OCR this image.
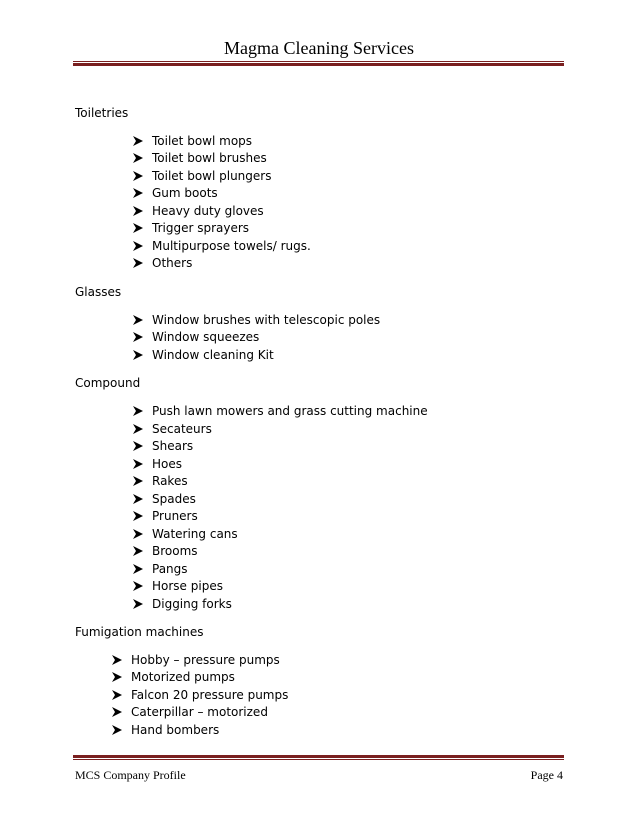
Magma Cleaning Services
Toiletries
Toilet bowl mops
Toilet bowl brushes
Toilet bowl plungers
Gum boots
Heavy duty gloves
Trigger sprayers
Multipurpose towels/ rugs.
Others
Glasses
Window brushes with telescopic poles
Window squeezes
Window cleaning Kit
Compound
Push lawn mowers and grass cutting machine
Secateurs
Shears
Hoes
Rakes
Spades
Pruners
Watering cans
Brooms
Pangs
Horse pipes
Digging forks
Fumigation machines
Hobby – pressure pumps
Motorized pumps
Falcon 20 pressure pumps
Caterpillar – motorized
Hand bombers
MCS Company Profile	Page 4
